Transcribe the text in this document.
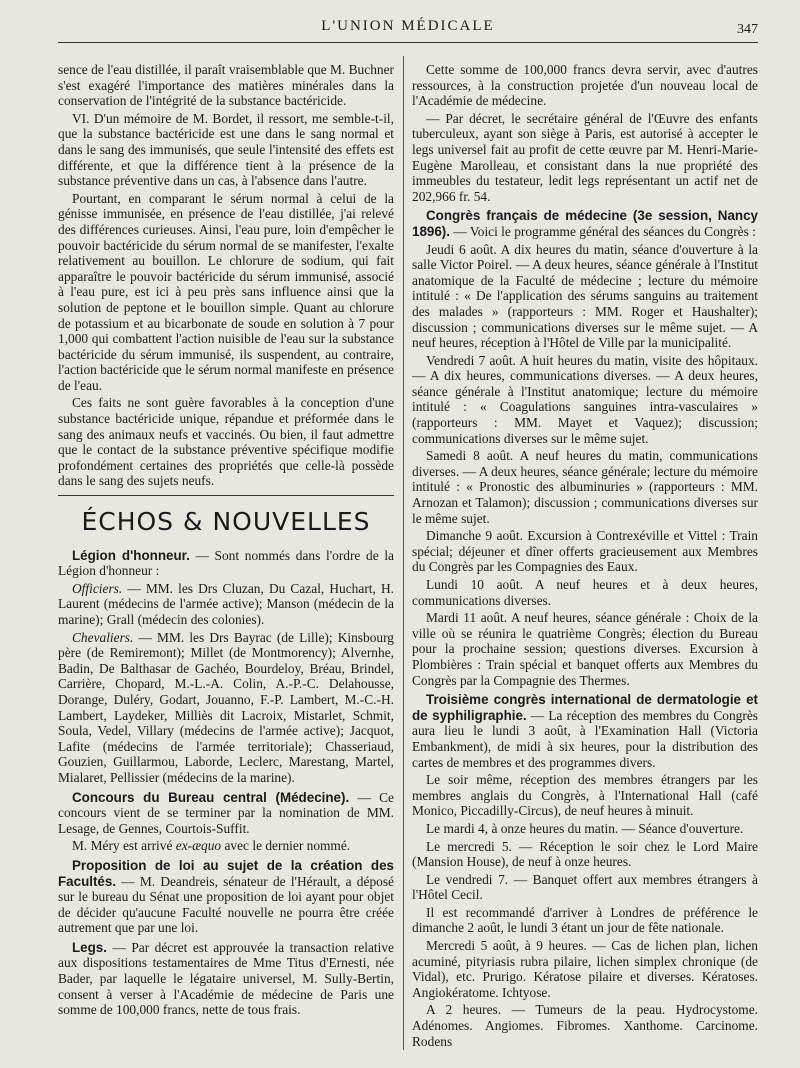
L'UNION MÉDICALE	347

sence de l'eau distillée, il paraît vraisemblable que M. Buchner s'est exagéré l'importance des matières minérales dans la conservation de l'intégrité de la substance bactéricide.

VI. D'un mémoire de M. Bordet, il ressort, me semble-t-il, que la substance bactéricide est une dans le sang normal et dans le sang des immunisés, que seule l'intensité des effets est différente, et que la différence tient à la présence de la substance préventive dans un cas, à l'absence dans l'autre.

Pourtant, en comparant le sérum normal à celui de la génisse immunisée, en présence de l'eau distillée, j'ai relevé des différences curieuses. Ainsi, l'eau pure, loin d'empêcher le pouvoir bactéricide du sérum normal de se manifester, l'exalte relativement au bouillon. Le chlorure de sodium, qui fait apparaître le pouvoir bactéricide du sérum immunisé, associé à l'eau pure, est ici à peu près sans influence ainsi que la solution de peptone et le bouillon simple. Quant au chlorure de potassium et au bicarbonate de soude en solution à 7 pour 1,000 qui combattent l'action nuisible de l'eau sur la substance bactéricide du sérum immunisé, ils suspendent, au contraire, l'action bactéricide que le sérum normal manifeste en présence de l'eau.

Ces faits ne sont guère favorables à la conception d'une substance bactéricide unique, répandue et préformée dans le sang des animaux neufs et vaccinés. Ou bien, il faut admettre que le contact de la substance préventive spécifique modifie profondément certaines des propriétés que celle-là possède dans le sang des sujets neufs.

ÉCHOS & NOUVELLES

Légion d'honneur. — Sont nommés dans l'ordre de la Légion d'honneur :

Officiers. — MM. les Drs Cluzan, Du Cazal, Huchart, H. Laurent (médecins de l'armée active); Manson (médecin de la marine); Grall (médecin des colonies).

Chevaliers. — MM. les Drs Bayrac (de Lille); Kinsbourg père (de Remiremont); Millet (de Montmorency); Alvernhe, Badin, De Balthasar de Gachéo, Bourdeloy, Bréau, Brindel, Carrière, Chopard, M.-L.-A. Colin, A.-P.-C. Delahousse, Dorange, Duléry, Godart, Jouanno, F.-P. Lambert, M.-C.-H. Lambert, Laydeker, Milliès dit Lacroix, Mistarlet, Schmit, Soula, Vedel, Villary (médecins de l'armée active); Jacquot, Lafite (médecins de l'armée territoriale); Chasseriaud, Gouzien, Guillarmou, Laborde, Leclerc, Marestang, Martel, Mialaret, Pellissier (médecins de la marine).

Concours du Bureau central (Médecine). — Ce concours vient de se terminer par la nomination de MM. Lesage, de Gennes, Courtois-Suffit.

M. Méry est arrivé ex-æquo avec le dernier nommé.

Proposition de loi au sujet de la création des Facultés. — M. Deandreis, sénateur de l'Hérault, a déposé sur le bureau du Sénat une proposition de loi ayant pour objet de décider qu'aucune Faculté nouvelle ne pourra être créée autrement que par une loi.

Legs. — Par décret est approuvée la transaction relative aux dispositions testamentaires de Mme Titus d'Ernesti, née Bader, par laquelle le légataire universel, M. Sully-Bertin, consent à verser à l'Académie de médecine de Paris une somme de 100,000 francs, nette de tous frais.

Cette somme de 100,000 francs devra servir, avec d'autres ressources, à la construction projetée d'un nouveau local de l'Académie de médecine.

— Par décret, le secrétaire général de l'Œuvre des enfants tuberculeux, ayant son siège à Paris, est autorisé à accepter le legs universel fait au profit de cette œuvre par M. Henri-Marie-Eugène Marolleau, et consistant dans la nue propriété des immeubles du testateur, ledit legs représentant un actif net de 202,966 fr. 54.

Congrès français de médecine (3e session, Nancy 1896). — Voici le programme général des séances du Congrès :

Jeudi 6 août. A dix heures du matin, séance d'ouverture à la salle Victor Poirel. — A deux heures, séance générale à l'Institut anatomique de la Faculté de médecine ; lecture du mémoire intitulé : « De l'application des sérums sanguins au traitement des malades » (rapporteurs : MM. Roger et Haushalter); discussion ; communications diverses sur le même sujet. — A neuf heures, réception à l'Hôtel de Ville par la municipalité.

Vendredi 7 août. A huit heures du matin, visite des hôpitaux.— A dix heures, communications diverses. — A deux heures, séance générale à l'Institut anatomique; lecture du mémoire intitulé : « Coagulations sanguines intra-vasculaires » (rapporteurs : MM. Mayet et Vaquez); discussion; communications diverses sur le même sujet.

Samedi 8 août. A neuf heures du matin, communications diverses. — A deux heures, séance générale; lecture du mémoire intitulé : « Pronostic des albuminuries » (rapporteurs : MM. Arnozan et Talamon); discussion ; communications diverses sur le même sujet.

Dimanche 9 août. Excursion à Contrexéville et Vittel : Train spécial; déjeuner et dîner offerts gracieusement aux Membres du Congrès par les Compagnies des Eaux.

Lundi 10 août. A neuf heures et à deux heures, communications diverses.

Mardi 11 août. A neuf heures, séance générale : Choix de la ville où se réunira le quatrième Congrès; élection du Bureau pour la prochaine session; questions diverses. Excursion à Plombières : Train spécial et banquet offerts aux Membres du Congrès par la Compagnie des Thermes.

Troisième congrès international de dermatologie et de syphiligraphie. — La réception des membres du Congrès aura lieu le lundi 3 août, à l'Examination Hall (Victoria Embankment), de midi à six heures, pour la distribution des cartes de membres et des programmes divers.

Le soir même, réception des membres étrangers par les membres anglais du Congrès, à l'International Hall (café Monico, Piccadilly-Circus), de neuf heures à minuit.

Le mardi 4, à onze heures du matin. — Séance d'ouverture.

Le mercredi 5. — Réception le soir chez le Lord Maire (Mansion House), de neuf à onze heures.

Le vendredi 7. — Banquet offert aux membres étrangers à l'Hôtel Cecil.

Il est recommandé d'arriver à Londres de préférence le dimanche 2 août, le lundi 3 étant un jour de fête nationale.

Mercredi 5 août, à 9 heures. — Cas de lichen plan, lichen acuminé, pityriasis rubra pilaire, lichen simplex chronique (de Vidal), etc. Prurigo. Kératose pilaire et diverses. Kératoses. Angiokératome. Ichtyose.

A 2 heures. — Tumeurs de la peau. Hydrocystome. Adénomes. Angiomes. Fibromes. Xanthome. Carcinome. Rodens
